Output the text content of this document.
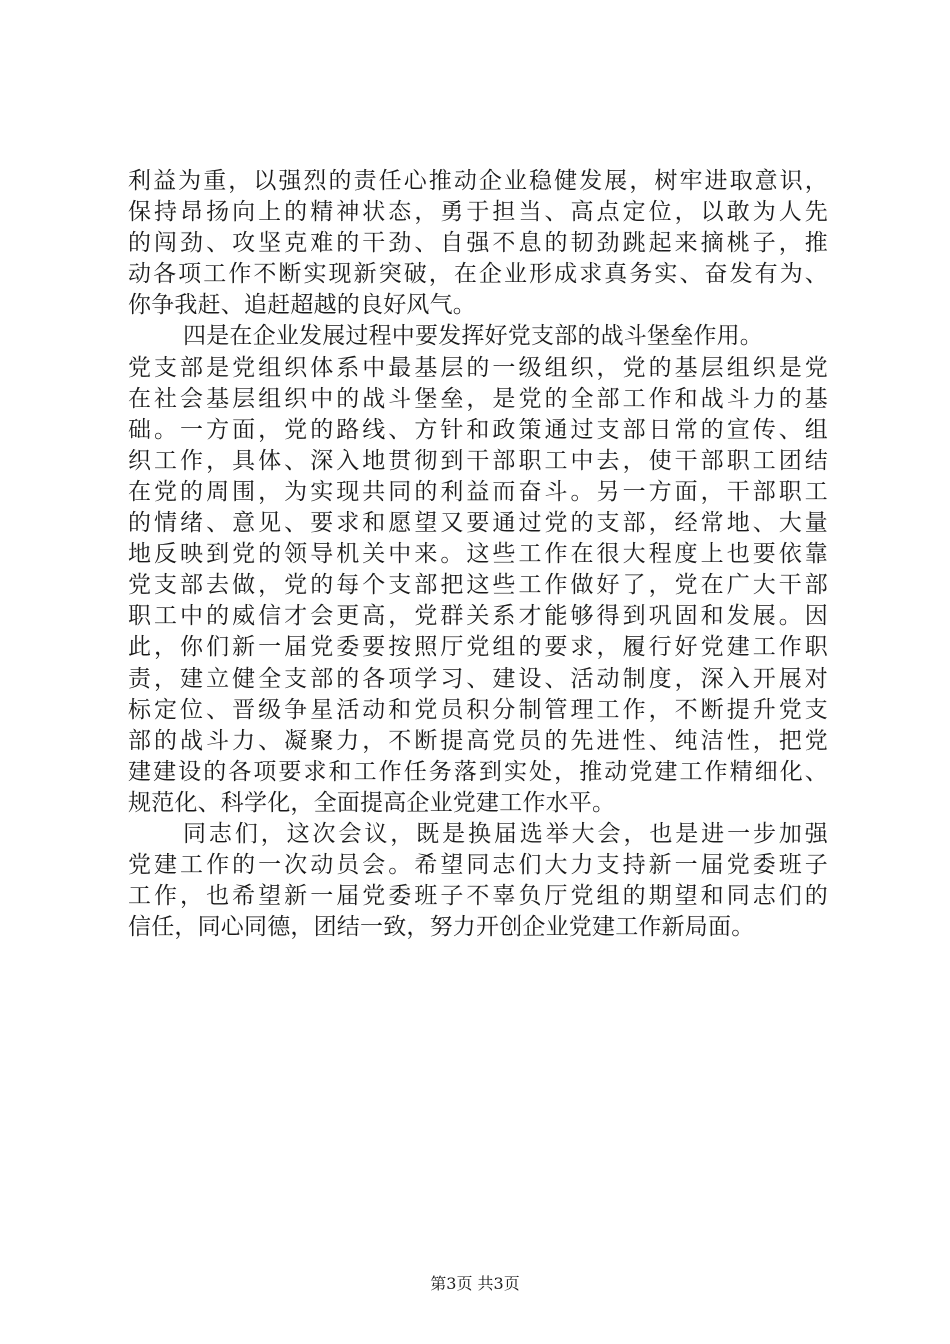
利益为重，以强烈的责任心推动企业稳健发展，树牢进取意识，
保持昂扬向上的精神状态，勇于担当、高点定位，以敢为人先
的闯劲、攻坚克难的干劲、自强不息的韧劲跳起来摘桃子，推
动各项工作不断实现新突破，在企业形成求真务实、奋发有为、
你争我赶、追赶超越的良好风气。
四是在企业发展过程中要发挥好党支部的战斗堡垒作用。
党支部是党组织体系中最基层的一级组织，党的基层组织是党
在社会基层组织中的战斗堡垒，是党的全部工作和战斗力的基
础。一方面，党的路线、方针和政策通过支部日常的宣传、组
织工作，具体、深入地贯彻到干部职工中去，使干部职工团结
在党的周围，为实现共同的利益而奋斗。另一方面，干部职工
的情绪、意见、要求和愿望又要通过党的支部，经常地、大量
地反映到党的领导机关中来。这些工作在很大程度上也要依靠
党支部去做，党的每个支部把这些工作做好了，党在广大干部
职工中的威信才会更高，党群关系才能够得到巩固和发展。因
此，你们新一届党委要按照厅党组的要求，履行好党建工作职
责，建立健全支部的各项学习、建设、活动制度，深入开展对
标定位、晋级争星活动和党员积分制管理工作，不断提升党支
部的战斗力、凝聚力，不断提高党员的先进性、纯洁性，把党
建建设的各项要求和工作任务落到实处，推动党建工作精细化、
规范化、科学化，全面提高企业党建工作水平。
同志们，这次会议，既是换届选举大会，也是进一步加强
党建工作的一次动员会。希望同志们大力支持新一届党委班子
工作，也希望新一届党委班子不辜负厅党组的期望和同志们的
信任，同心同德，团结一致，努力开创企业党建工作新局面。
第3页 共3页
